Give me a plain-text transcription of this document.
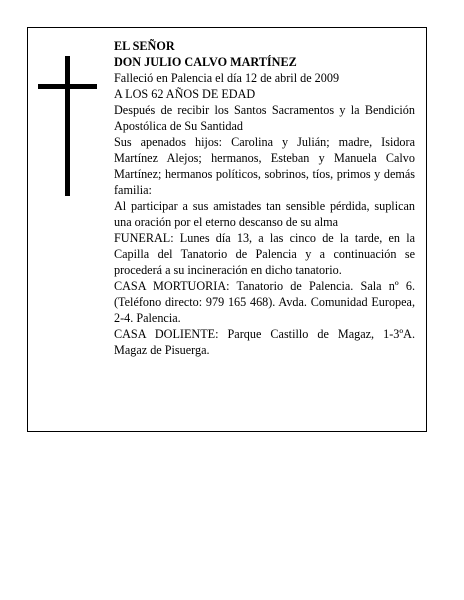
EL SEÑOR

DON JULIO CALVO MARTÍNEZ

Falleció en Palencia el día 12 de abril de 2009

A LOS 62 AÑOS DE EDAD

Después de recibir los Santos Sacramentos y la Bendición Apostólica de Su Santidad

Sus apenados hijos: Carolina y Julián; madre, Isidora Martínez Alejos; hermanos, Esteban y Manuela Calvo Martínez; hermanos políticos, sobrinos, tíos, primos y demás familia:

Al participar a sus amistades tan sensible pérdida, suplican una oración por el eterno descanso de su alma

FUNERAL: Lunes día 13, a las cinco de la tarde, en la Capilla del Tanatorio de Palencia y a continuación se procederá a su incineración en dicho tanatorio.

CASA MORTUORIA: Tanatorio de Palencia. Sala nº 6. (Teléfono directo: 979 165 468). Avda. Comunidad Europea, 2-4. Palencia.

CASA DOLIENTE: Parque Castillo de Magaz, 1-3ºA. Magaz de Pisuerga.
